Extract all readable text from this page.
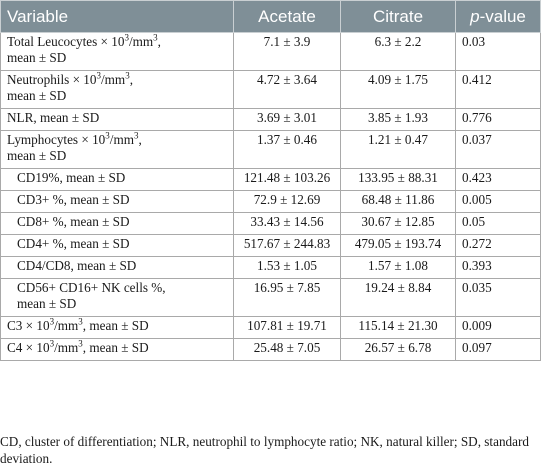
Variable	Acetate	Citrate	p-value
Total Leucocytes × $10^3/mm^3$,
mean ± SD	7.1 ± 3.9	6.3 ± 2.2	0.03
Neutrophils × $10^3/mm^3$,
mean ± SD	4.72 ± 3.64	4.09 ± 1.75	0.412
NLR, mean ± SD	3.69 ± 3.01	3.85 ± 1.93	0.776
Lymphocytes × $10^3/mm^3$,
mean ± SD	1.37 ± 0.46	1.21 ± 0.47	0.037
CD19%, mean ± SD	121.48 ± 103.26	133.95 ± 88.31	0.423
CD3+ %, mean ± SD	72.9 ± 12.69	68.48 ± 11.86	0.005
CD8+ %, mean ± SD	33.43 ± 14.56	30.67 ± 12.85	0.05
CD4+ %, mean ± SD	517.67 ± 244.83	479.05 ± 193.74	0.272
CD4/CD8, mean ± SD	1.53 ± 1.05	1.57 ± 1.08	0.393
CD56+ CD16+ NK cells %,
mean ± SD	16.95 ± 7.85	19.24 ± 8.84	0.035
$C3 \times 10^3/mm^3$, mean ± SD	107.81 ± 19.71	115.14 ± 21.30	0.009
$C4 \times 10^3/mm^3$, mean ± SD	25.48 ± 7.05	26.57 ± 6.78	0.097

CD, cluster of differentiation; NLR, neutrophil to lymphocyte ratio; NK, natural killer; SD, standard deviation.
